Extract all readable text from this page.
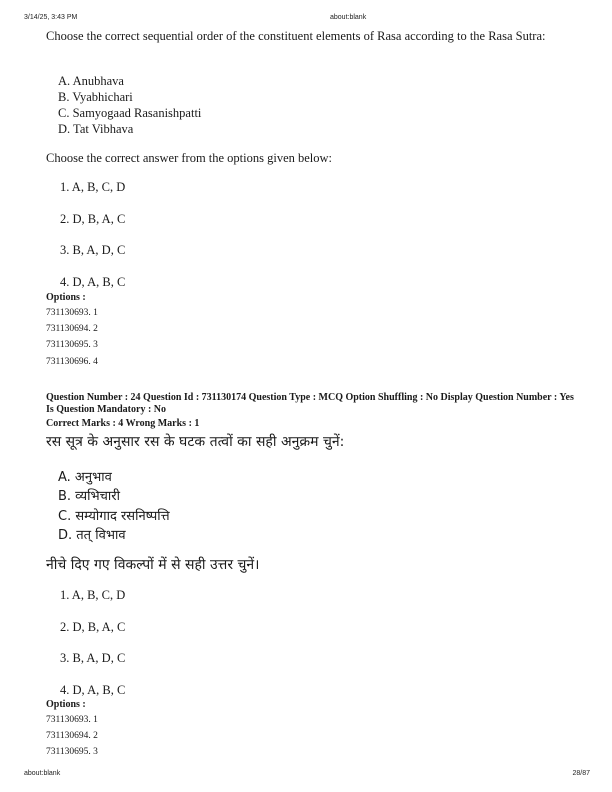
3/14/25, 3:43 PM	about:blank
Choose the correct sequential order of the constituent elements of Rasa according to the Rasa Sutra:
A. Anubhava
B. Vyabhichari
C. Samyogaad Rasanishpatti
D. Tat Vibhava
Choose the correct answer from the options given below:
1. A, B, C, D
2. D, B, A, C
3. B, A, D, C
4. D, A, B, C
Options :
731130693. 1
731130694. 2
731130695. 3
731130696. 4
Question Number : 24 Question Id : 731130174 Question Type : MCQ Option Shuffling : No Display Question Number : Yes Is Question Mandatory : No
Correct Marks : 4 Wrong Marks : 1
रस सूत्र के अनुसार रस के घटक तत्वों का सही अनुक्रम चुनें:
A. अनुभाव
B. व्यभिचारी
C. सम्योगाद रसनिष्पत्ति
D. तत् विभाव
नीचे दिए गए विकल्पों में से सही उत्तर चुनें।
1. A, B, C, D
2. D, B, A, C
3. B, A, D, C
4. D, A, B, C
Options :
731130693. 1
731130694. 2
731130695. 3
about:blank	28/87
